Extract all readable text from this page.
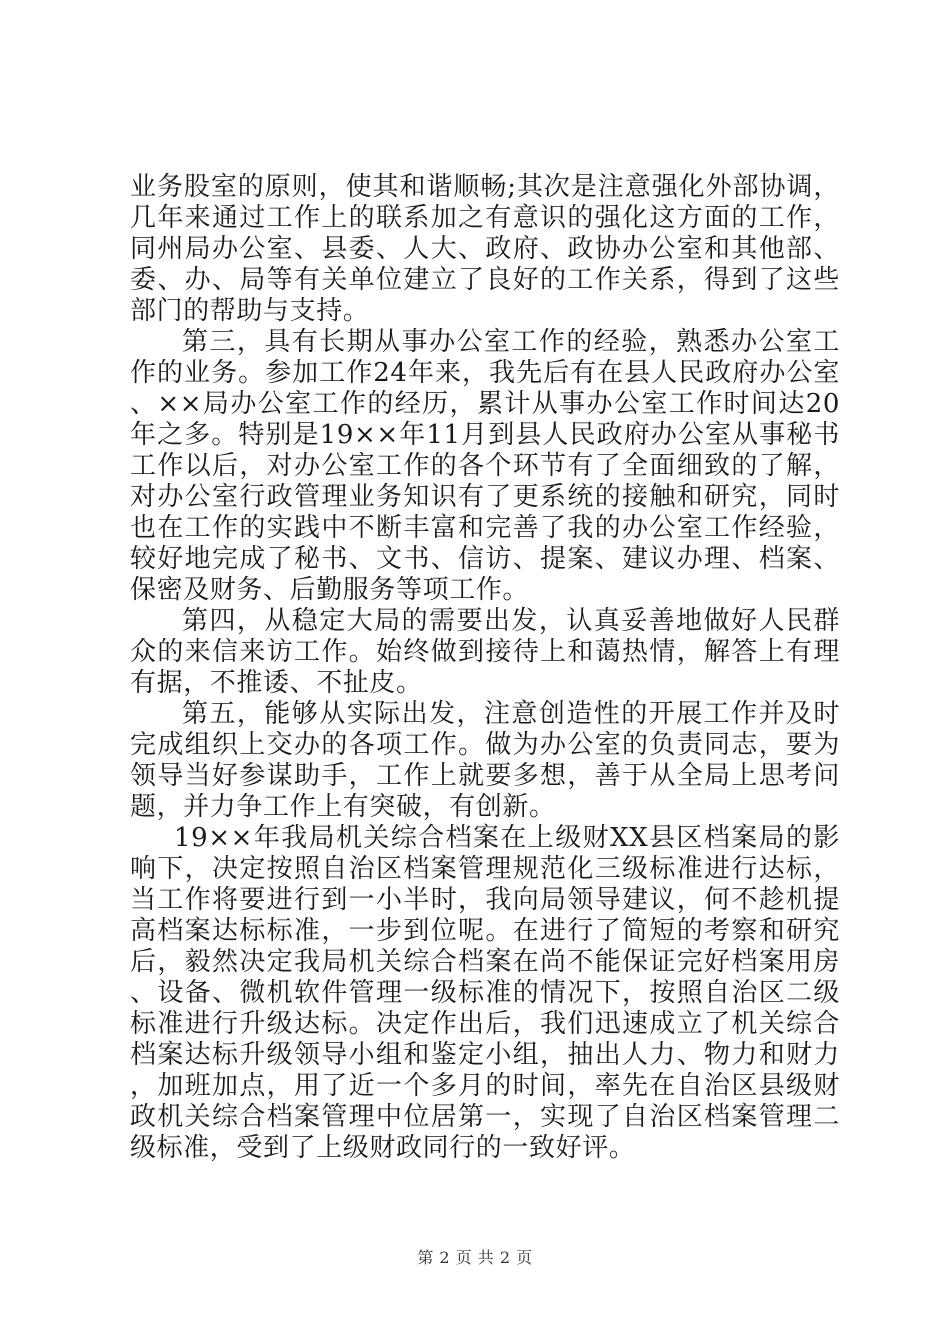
业务股室的原则，使其和谐顺畅;其次是注意强化外部协调，几年来通过工作上的联系加之有意识的强化这方面的工作，同州局办公室、县委、人大、政府、政协办公室和其他部、委、办、局等有关单位建立了良好的工作关系，得到了这些部门的帮助与支持。

第三，具有长期从事办公室工作的经验，熟悉办公室工作的业务。参加工作24年来，我先后有在县人民政府办公室、××局办公室工作的经历，累计从事办公室工作时间达20年之多。特别是19××年11月到县人民政府办公室从事秘书工作以后，对办公室工作的各个环节有了全面细致的了解，对办公室行政管理业务知识有了更系统的接触和研究，同时也在工作的实践中不断丰富和完善了我的办公室工作经验，较好地完成了秘书、文书、信访、提案、建议办理、档案、保密及财务、后勤服务等项工作。

第四，从稳定大局的需要出发，认真妥善地做好人民群众的来信来访工作。始终做到接待上和蔼热情，解答上有理有据，不推诿、不扯皮。

第五，能够从实际出发，注意创造性的开展工作并及时完成组织上交办的各项工作。做为办公室的负责同志，要为领导当好参谋助手，工作上就要多想，善于从全局上思考问题，并力争工作上有突破，有创新。

19××年我局机关综合档案在上级财XX县区档案局的影响下，决定按照自治区档案管理规范化三级标准进行达标，当工作将要进行到一小半时，我向局领导建议，何不趁机提高档案达标标准，一步到位呢。在进行了简短的考察和研究后，毅然决定我局机关综合档案在尚不能保证完好档案用房、设备、微机软件管理一级标准的情况下，按照自治区二级标准进行升级达标。决定作出后，我们迅速成立了机关综合档案达标升级领导小组和鉴定小组，抽出人力、物力和财力，加班加点，用了近一个多月的时间，率先在自治区县级财政机关综合档案管理中位居第一，实现了自治区档案管理二级标准，受到了上级财政同行的一致好评。

第 2 页 共 2 页
